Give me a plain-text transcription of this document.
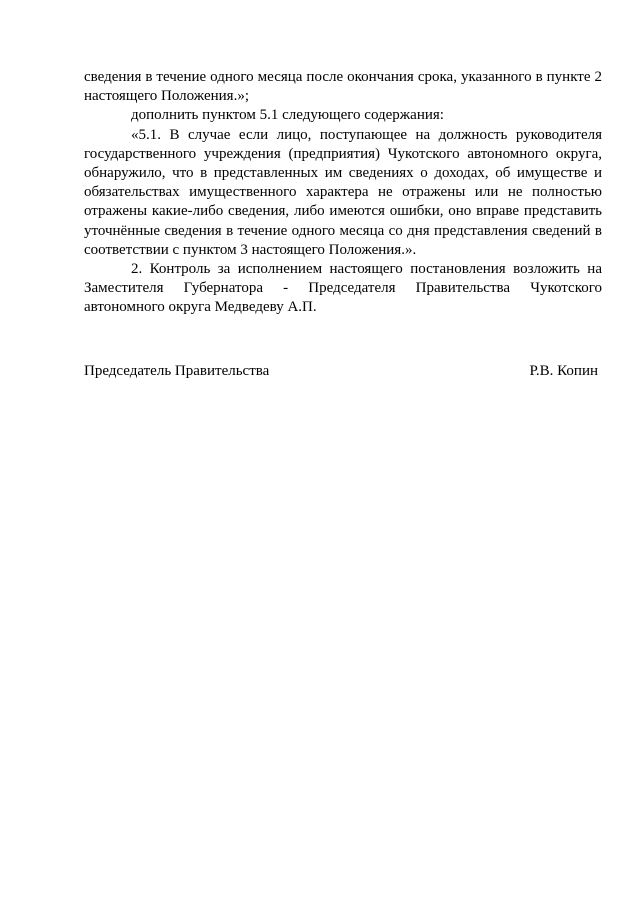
сведения в течение одного месяца после окончания срока, указанного в пункте 2 настоящего Положения.»;

дополнить пунктом 5.1 следующего содержания:

«5.1. В случае если лицо, поступающее на должность руководителя государственного учреждения (предприятия) Чукотского автономного округа, обнаружило, что в представленных им сведениях о доходах, об имуществе и обязательствах имущественного характера не отражены или не полностью отражены какие-либо сведения, либо имеются ошибки, оно вправе представить уточнённые сведения в течение одного месяца со дня представления сведений в соответствии с пунктом 3 настоящего Положения.».

2. Контроль за исполнением настоящего постановления возложить на Заместителя Губернатора - Председателя Правительства Чукотского автономного округа Медведеву А.П.

Председатель Правительства	Р.В. Копин
